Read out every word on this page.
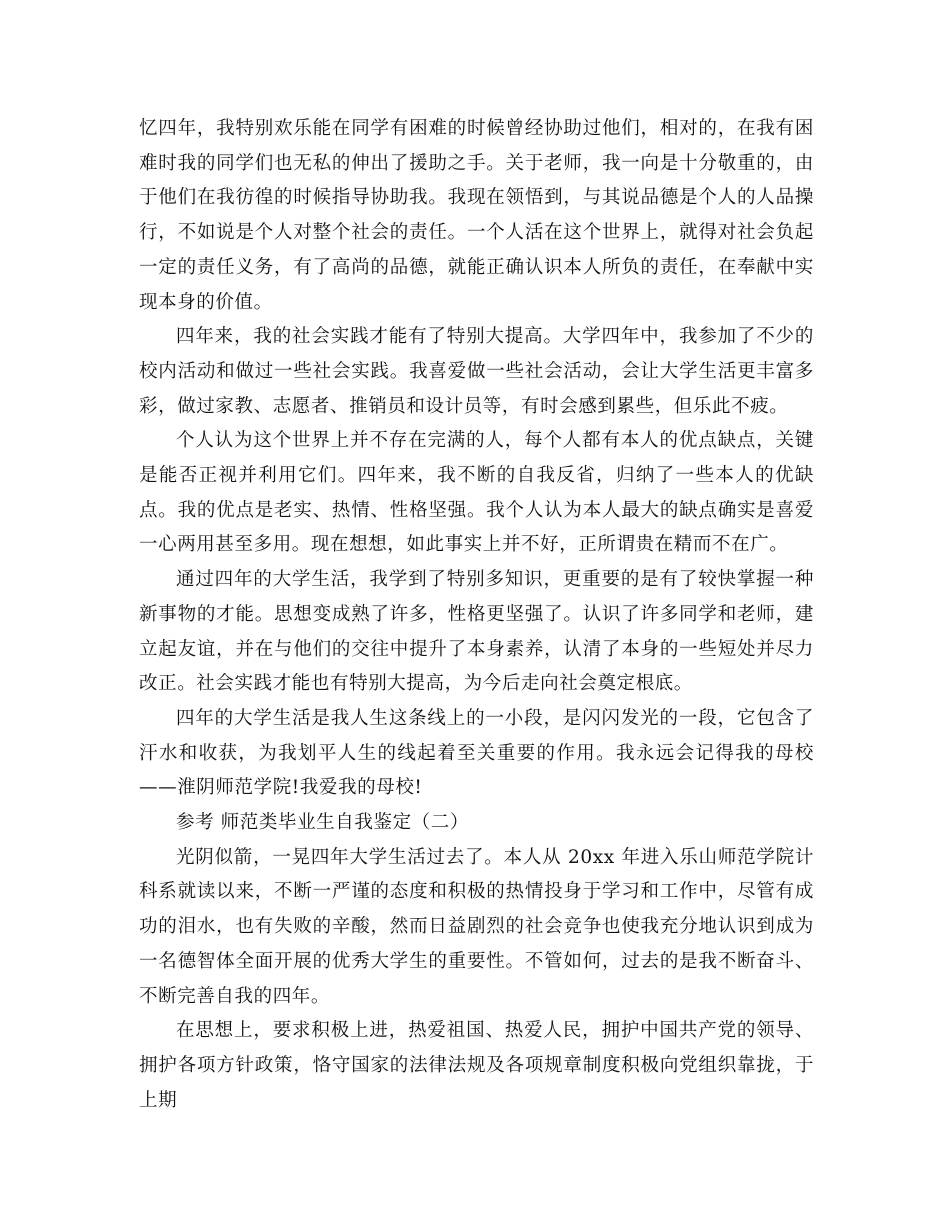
忆四年，我特别欢乐能在同学有困难的时候曾经协助过他们，相对的，在我有困难时我的同学们也无私的伸出了援助之手。关于老师，我一向是十分敬重的，由于他们在我彷徨的时候指导协助我。我现在领悟到，与其说品德是个人的人品操行，不如说是个人对整个社会的责任。一个人活在这个世界上，就得对社会负起一定的责任义务，有了高尚的品德，就能正确认识本人所负的责任，在奉献中实现本身的价值。

四年来，我的社会实践才能有了特别大提高。大学四年中，我参加了不少的校内活动和做过一些社会实践。我喜爱做一些社会活动，会让大学生活更丰富多彩，做过家教、志愿者、推销员和设计员等，有时会感到累些，但乐此不疲。

个人认为这个世界上并不存在完满的人，每个人都有本人的优点缺点，关键是能否正视并利用它们。四年来，我不断的自我反省，归纳了一些本人的优缺点。我的优点是老实、热情、性格坚强。我个人认为本人最大的缺点确实是喜爱一心两用甚至多用。现在想想，如此事实上并不好，正所谓贵在精而不在广。

通过四年的大学生活，我学到了特别多知识，更重要的是有了较快掌握一种新事物的才能。思想变成熟了许多，性格更坚强了。认识了许多同学和老师，建立起友谊，并在与他们的交往中提升了本身素养，认清了本身的一些短处并尽力改正。社会实践才能也有特别大提高，为今后走向社会奠定根底。

四年的大学生活是我人生这条线上的一小段，是闪闪发光的一段，它包含了汗水和收获，为我划平人生的线起着至关重要的作用。我永远会记得我的母校——淮阴师范学院!我爱我的母校!

参考 师范类毕业生自我鉴定（二）

光阴似箭，一晃四年大学生活过去了。本人从 20xx 年进入乐山师范学院计科系就读以来，不断一严谨的态度和积极的热情投身于学习和工作中，尽管有成功的泪水，也有失败的辛酸，然而日益剧烈的社会竞争也使我充分地认识到成为一名德智体全面开展的优秀大学生的重要性。不管如何，过去的是我不断奋斗、不断完善自我的四年。

在思想上，要求积极上进，热爱祖国、热爱人民，拥护中国共产党的领导、拥护各项方针政策，恪守国家的法律法规及各项规章制度积极向党组织靠拢，于上期
